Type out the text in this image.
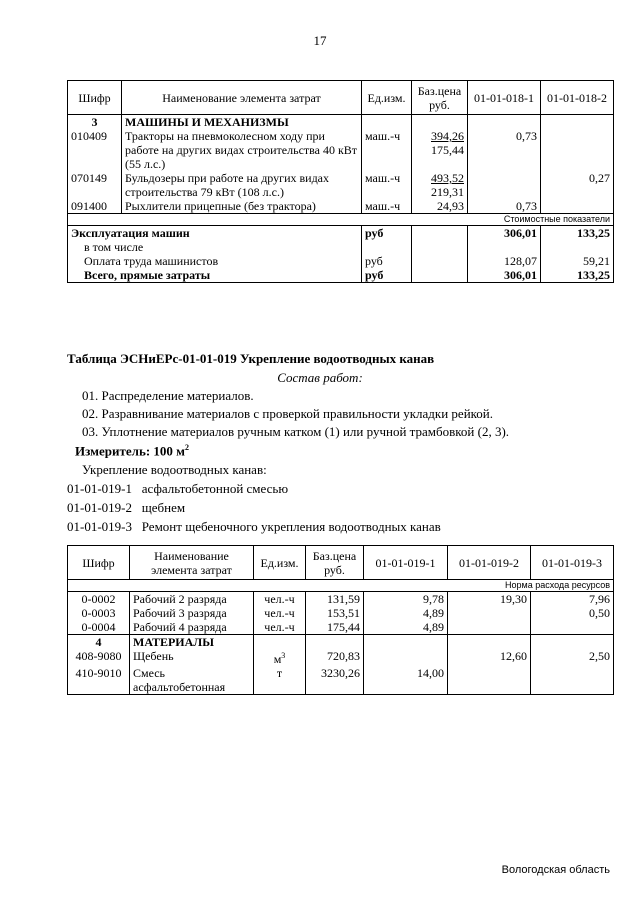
17
Шифр	Наименование элемента затрат	Ед.изм.	Баз.цена руб.	01-01-018-1	01-01-018-2
3	МАШИНЫ И МЕХАНИЗМЫ				
010409	Тракторы на пневмоколесном ходу при работе на других видах строительства 40 кВт (55 л.с.)	маш.-ч	394,26
175,44	0,73	
070149	Бульдозеры при работе на других видах строительства 79 кВт (108 л.с.)	маш.-ч	493,52
219,31		0,27
091400	Рыхлители прицепные (без трактора)	маш.-ч	24,93	0,73	
Стоимостные показатели					
Эксплуатация машин		руб		306,01	133,25
в том числе					
Оплата труда машинистов		руб		128,07	59,21
Всего, прямые затраты		руб		306,01	133,25
Таблица ЭСНиЕРс-01-01-019 Укрепление водоотводных канав
Состав работ:
01. Распределение материалов.
02. Разравнивание материалов с проверкой правильности укладки рейкой.
03. Уплотнение материалов ручным катком (1) или ручной трамбовкой (2, 3).
Измеритель: 100 $м^2$
Укрепление водоотводных канав:
01-01-019-1 асфальтобетонной смесью
01-01-019-2 щебнем
Шифр	Наименование элемента затрат	Ед.изм.	Баз.цена руб.	01-01-019-1	01-01-019-2	01-01-019-3
Норма расхода ресурсов						
0-0002	Рабочий 2 разряда	чел.-ч	131,59	9,78	19,30	7,96
0-0003	Рабочий 3 разряда	чел.-ч	153,51	4,89		0,50
0-0004	Рабочий 4 разряда	чел.-ч	175,44	4,89		
4	МАТЕРИАЛЫ					
408-9080	Щебень	$м^3$	720,83		12,60	2,50
410-9010	Смесь асфальтобетонная	т	3230,26	14,00		
01-01-019-3 Ремонт щебеночного укрепления водоотводных канав
Вологодская область
